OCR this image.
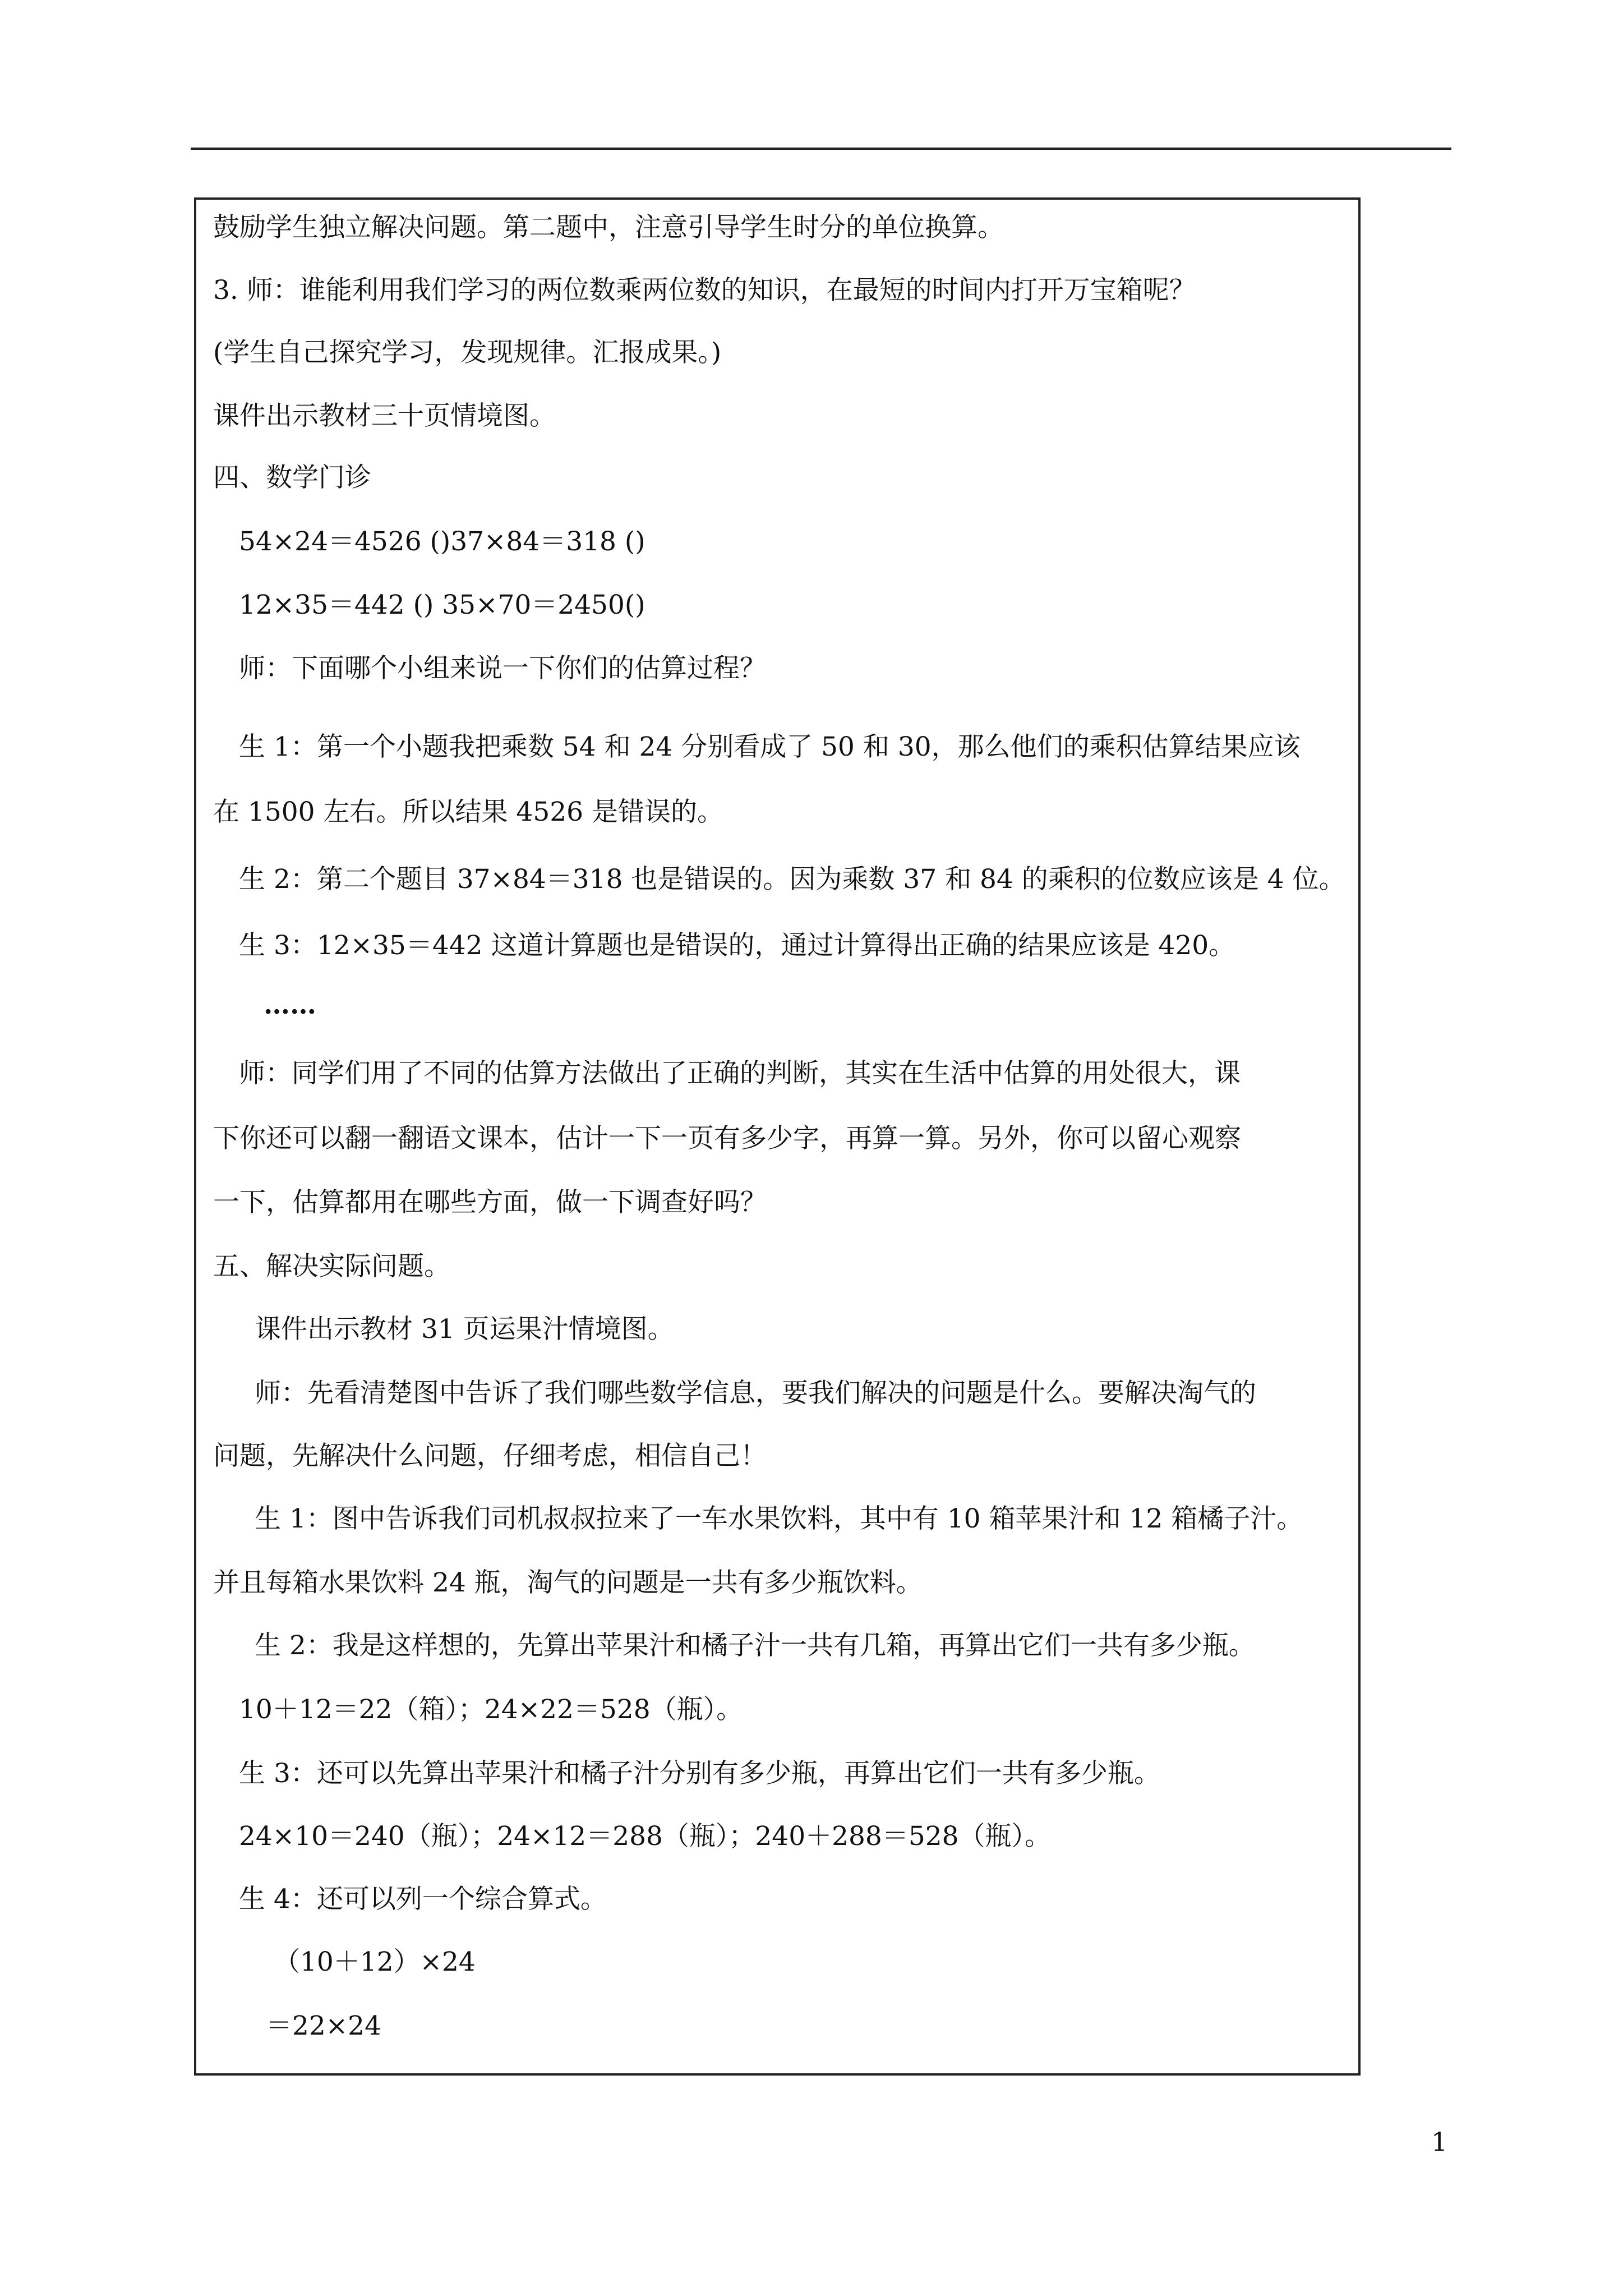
鼓励学生独立解决问题。第二题中，注意引导学生时分的单位换算。
3. 师：谁能利用我们学习的两位数乘两位数的知识，在最短的时间内打开万宝箱呢？
(学生自己探究学习，发现规律。汇报成果。)
课件出示教材三十页情境图。
四、数学门诊
54×24＝4526 ()37×84＝318 ()
12×35＝442 () 35×70＝2450()
师：下面哪个小组来说一下你们的估算过程？
生 1：第一个小题我把乘数 54 和 24 分别看成了 50 和 30，那么他们的乘积估算结果应该
在 1500 左右。所以结果 4526 是错误的。
生 2：第二个题目 37×84＝318 也是错误的。因为乘数 37 和 84 的乘积的位数应该是 4 位。
生 3：12×35＝442 这道计算题也是错误的，通过计算得出正确的结果应该是 420。
……
师：同学们用了不同的估算方法做出了正确的判断，其实在生活中估算的用处很大，课
下你还可以翻一翻语文课本，估计一下一页有多少字，再算一算。另外，你可以留心观察
一下，估算都用在哪些方面，做一下调查好吗？
五、解决实际问题。
课件出示教材 31 页运果汁情境图。
师：先看清楚图中告诉了我们哪些数学信息，要我们解决的问题是什么。要解决淘气的
问题，先解决什么问题，仔细考虑，相信自己！
生 1：图中告诉我们司机叔叔拉来了一车水果饮料，其中有 10 箱苹果汁和 12 箱橘子汁。
并且每箱水果饮料 24 瓶，淘气的问题是一共有多少瓶饮料。
生 2：我是这样想的，先算出苹果汁和橘子汁一共有几箱，再算出它们一共有多少瓶。
10＋12＝22（箱）；24×22＝528（瓶）。
生 3：还可以先算出苹果汁和橘子汁分别有多少瓶，再算出它们一共有多少瓶。
24×10＝240（瓶）；24×12＝288（瓶）；240＋288＝528（瓶）。
生 4：还可以列一个综合算式。
（10＋12）×24
＝22×24
1
